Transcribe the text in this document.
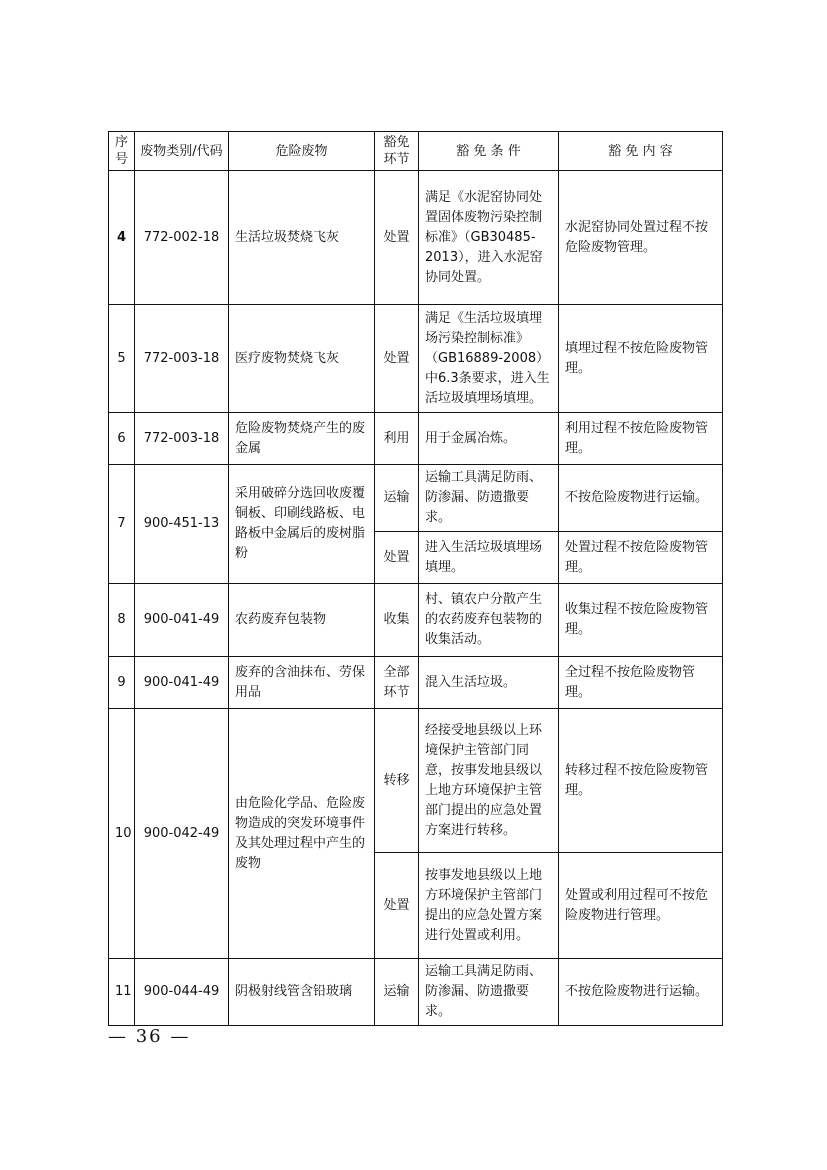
序号	废物类别/代码	危险废物	豁免环节	豁 免 条 件	豁 免 内 容
4	772-002-18	生活垃圾焚烧飞灰	处置	满足《水泥窑协同处置固体废物污染控制标准》（GB30485-2013），进入水泥窑协同处置。	水泥窑协同处置过程不按危险废物管理。
5	772-003-18	医疗废物焚烧飞灰	处置	满足《生活垃圾填埋场污染控制标准》（GB16889-2008）中6.3条要求，进入生活垃圾填埋场填埋。	填埋过程不按危险废物管理。
6	772-003-18	危险废物焚烧产生的废金属	利用	用于金属冶炼。	利用过程不按危险废物管理。
7	900-451-13	采用破碎分选回收废覆铜板、印刷线路板、电路板中金属后的废树脂粉	运输	运输工具满足防雨、防渗漏、防遗撒要求。	不按危险废物进行运输。
			处置	进入生活垃圾填埋场填埋。	处置过程不按危险废物管理。
8	900-041-49	农药废弃包装物	收集	村、镇农户分散产生的农药废弃包装物的收集活动。	收集过程不按危险废物管理。
9	900-041-49	废弃的含油抹布、劳保用品	全部环节	混入生活垃圾。	全过程不按危险废物管理。
10	900-042-49	由危险化学品、危险废物造成的突发环境事件及其处理过程中产生的废物	转移	经接受地县级以上环境保护主管部门同意，按事发地县级以上地方环境保护主管部门提出的应急处置方案进行转移。	转移过程不按危险废物管理。
			处置	按事发地县级以上地方环境保护主管部门提出的应急处置方案进行处置或利用。	处置或利用过程可不按危险废物进行管理。
11	900-044-49	阴极射线管含铅玻璃	运输	运输工具满足防雨、防渗漏、防遗撒要求。	不按危险废物进行运输。
— 36 —
